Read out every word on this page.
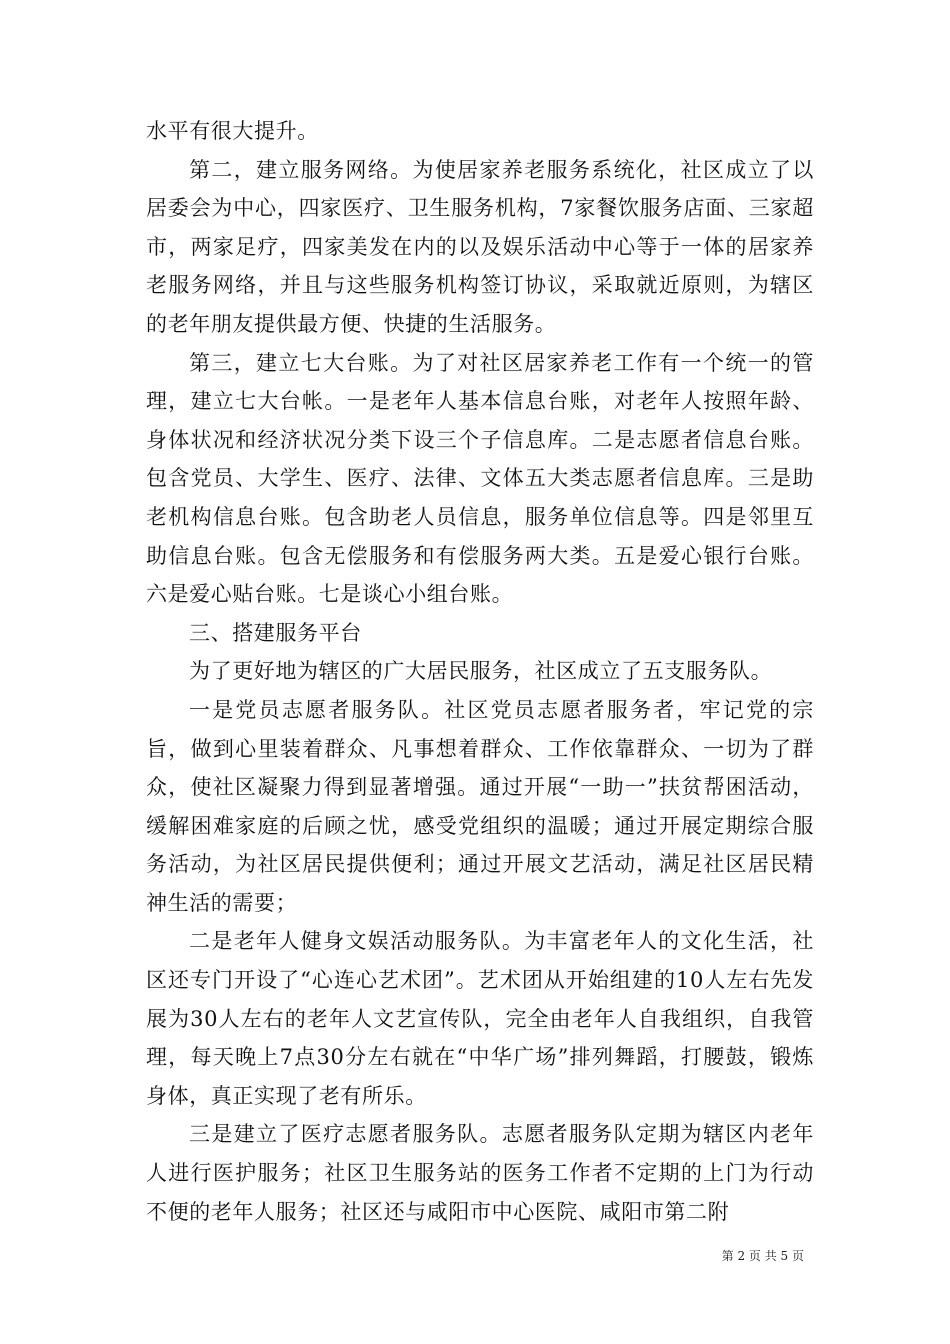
水平有很大提升。

第二，建立服务网络。为使居家养老服务系统化，社区成立了以居委会为中心，四家医疗、卫生服务机构，7家餐饮服务店面、三家超市，两家足疗，四家美发在内的以及娱乐活动中心等于一体的居家养老服务网络，并且与这些服务机构签订协议，采取就近原则，为辖区的老年朋友提供最方便、快捷的生活服务。

第三，建立七大台账。为了对社区居家养老工作有一个统一的管理，建立七大台帐。一是老年人基本信息台账，对老年人按照年龄、身体状况和经济状况分类下设三个子信息库。二是志愿者信息台账。包含党员、大学生、医疗、法律、文体五大类志愿者信息库。三是助老机构信息台账。包含助老人员信息，服务单位信息等。四是邻里互助信息台账。包含无偿服务和有偿服务两大类。五是爱心银行台账。六是爱心贴台账。七是谈心小组台账。

三、搭建服务平台

为了更好地为辖区的广大居民服务，社区成立了五支服务队。

一是党员志愿者服务队。社区党员志愿者服务者，牢记党的宗旨，做到心里装着群众、凡事想着群众、工作依靠群众、一切为了群众，使社区凝聚力得到显著增强。通过开展“一助一”扶贫帮困活动，缓解困难家庭的后顾之忧，感受党组织的温暖；通过开展定期综合服务活动，为社区居民提供便利；通过开展文艺活动，满足社区居民精神生活的需要；

二是老年人健身文娱活动服务队。为丰富老年人的文化生活，社区还专门开设了“心连心艺术团”。艺术团从开始组建的10人左右先发展为30人左右的老年人文艺宣传队，完全由老年人自我组织，自我管理，每天晚上7点30分左右就在“中华广场”排列舞蹈，打腰鼓，锻炼身体，真正实现了老有所乐。

三是建立了医疗志愿者服务队。志愿者服务队定期为辖区内老年人进行医护服务；社区卫生服务站的医务工作者不定期的上门为行动不便的老年人服务；社区还与咸阳市中心医院、咸阳市第二附

第 2 页 共 5 页
